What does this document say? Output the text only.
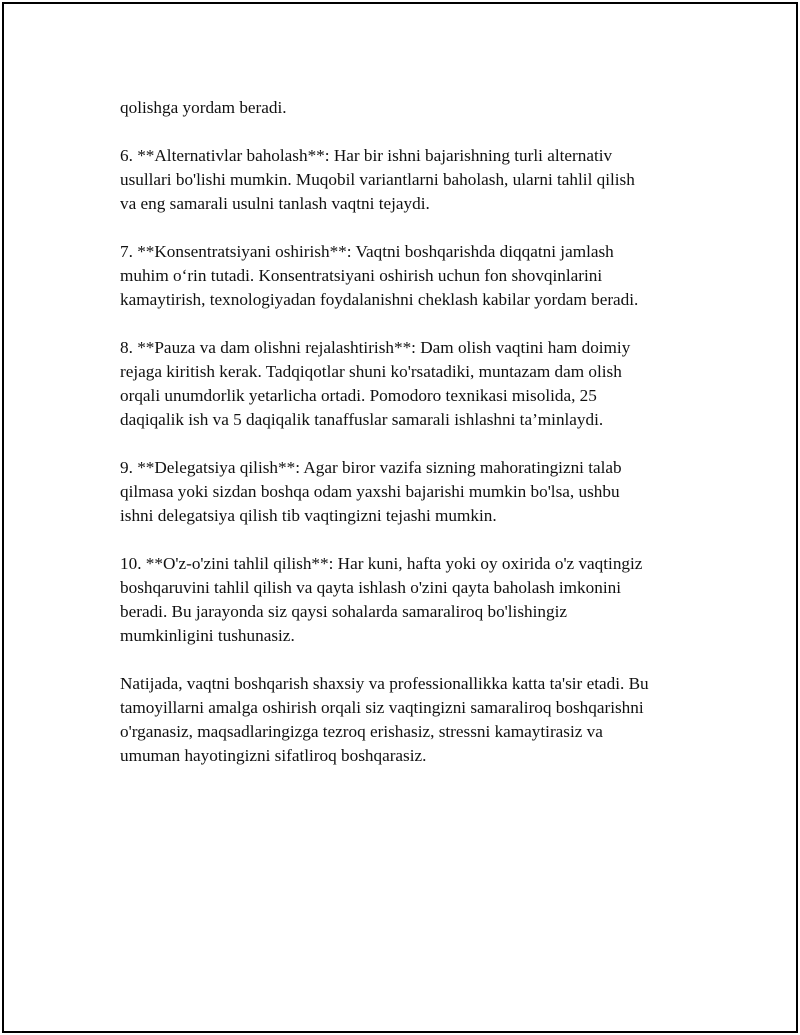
qolishga yordam beradi.

6. **Alternativlar baholash**: Har bir ishni bajarishning turli alternativ
usullari bo'lishi mumkin. Muqobil variantlarni baholash, ularni tahlil qilish
va eng samarali usulni tanlash vaqtni tejaydi.

7. **Konsentratsiyani oshirish**: Vaqtni boshqarishda diqqatni jamlash
muhim o‘rin tutadi. Konsentratsiyani oshirish uchun fon shovqinlarini
kamaytirish, texnologiyadan foydalanishni cheklash kabilar yordam beradi.

8. **Pauza va dam olishni rejalashtirish**: Dam olish vaqtini ham doimiy
rejaga kiritish kerak. Tadqiqotlar shuni ko'rsatadiki, muntazam dam olish
orqali unumdorlik yetarlicha ortadi. Pomodoro texnikasi misolida, 25
daqiqalik ish va 5 daqiqalik tanaffuslar samarali ishlashni ta’minlaydi.

9. **Delegatsiya qilish**: Agar biror vazifa sizning mahoratingizni talab
qilmasa yoki sizdan boshqa odam yaxshi bajarishi mumkin bo'lsa, ushbu
ishni delegatsiya qilish tib vaqtingizni tejashi mumkin.

10. **O'z-o'zini tahlil qilish**: Har kuni, hafta yoki oy oxirida o'z vaqtingiz
boshqaruvini tahlil qilish va qayta ishlash o'zini qayta baholash imkonini
beradi. Bu jarayonda siz qaysi sohalarda samaraliroq bo'lishingiz
mumkinligini tushunasiz.

Natijada, vaqtni boshqarish shaxsiy va professionallikka katta ta'sir etadi. Bu
tamoyillarni amalga oshirish orqali siz vaqtingizni samaraliroq boshqarishni
o'rganasiz, maqsadlaringizga tezroq erishasiz, stressni kamaytirasiz va
umuman hayotingizni sifatliroq boshqarasiz.
